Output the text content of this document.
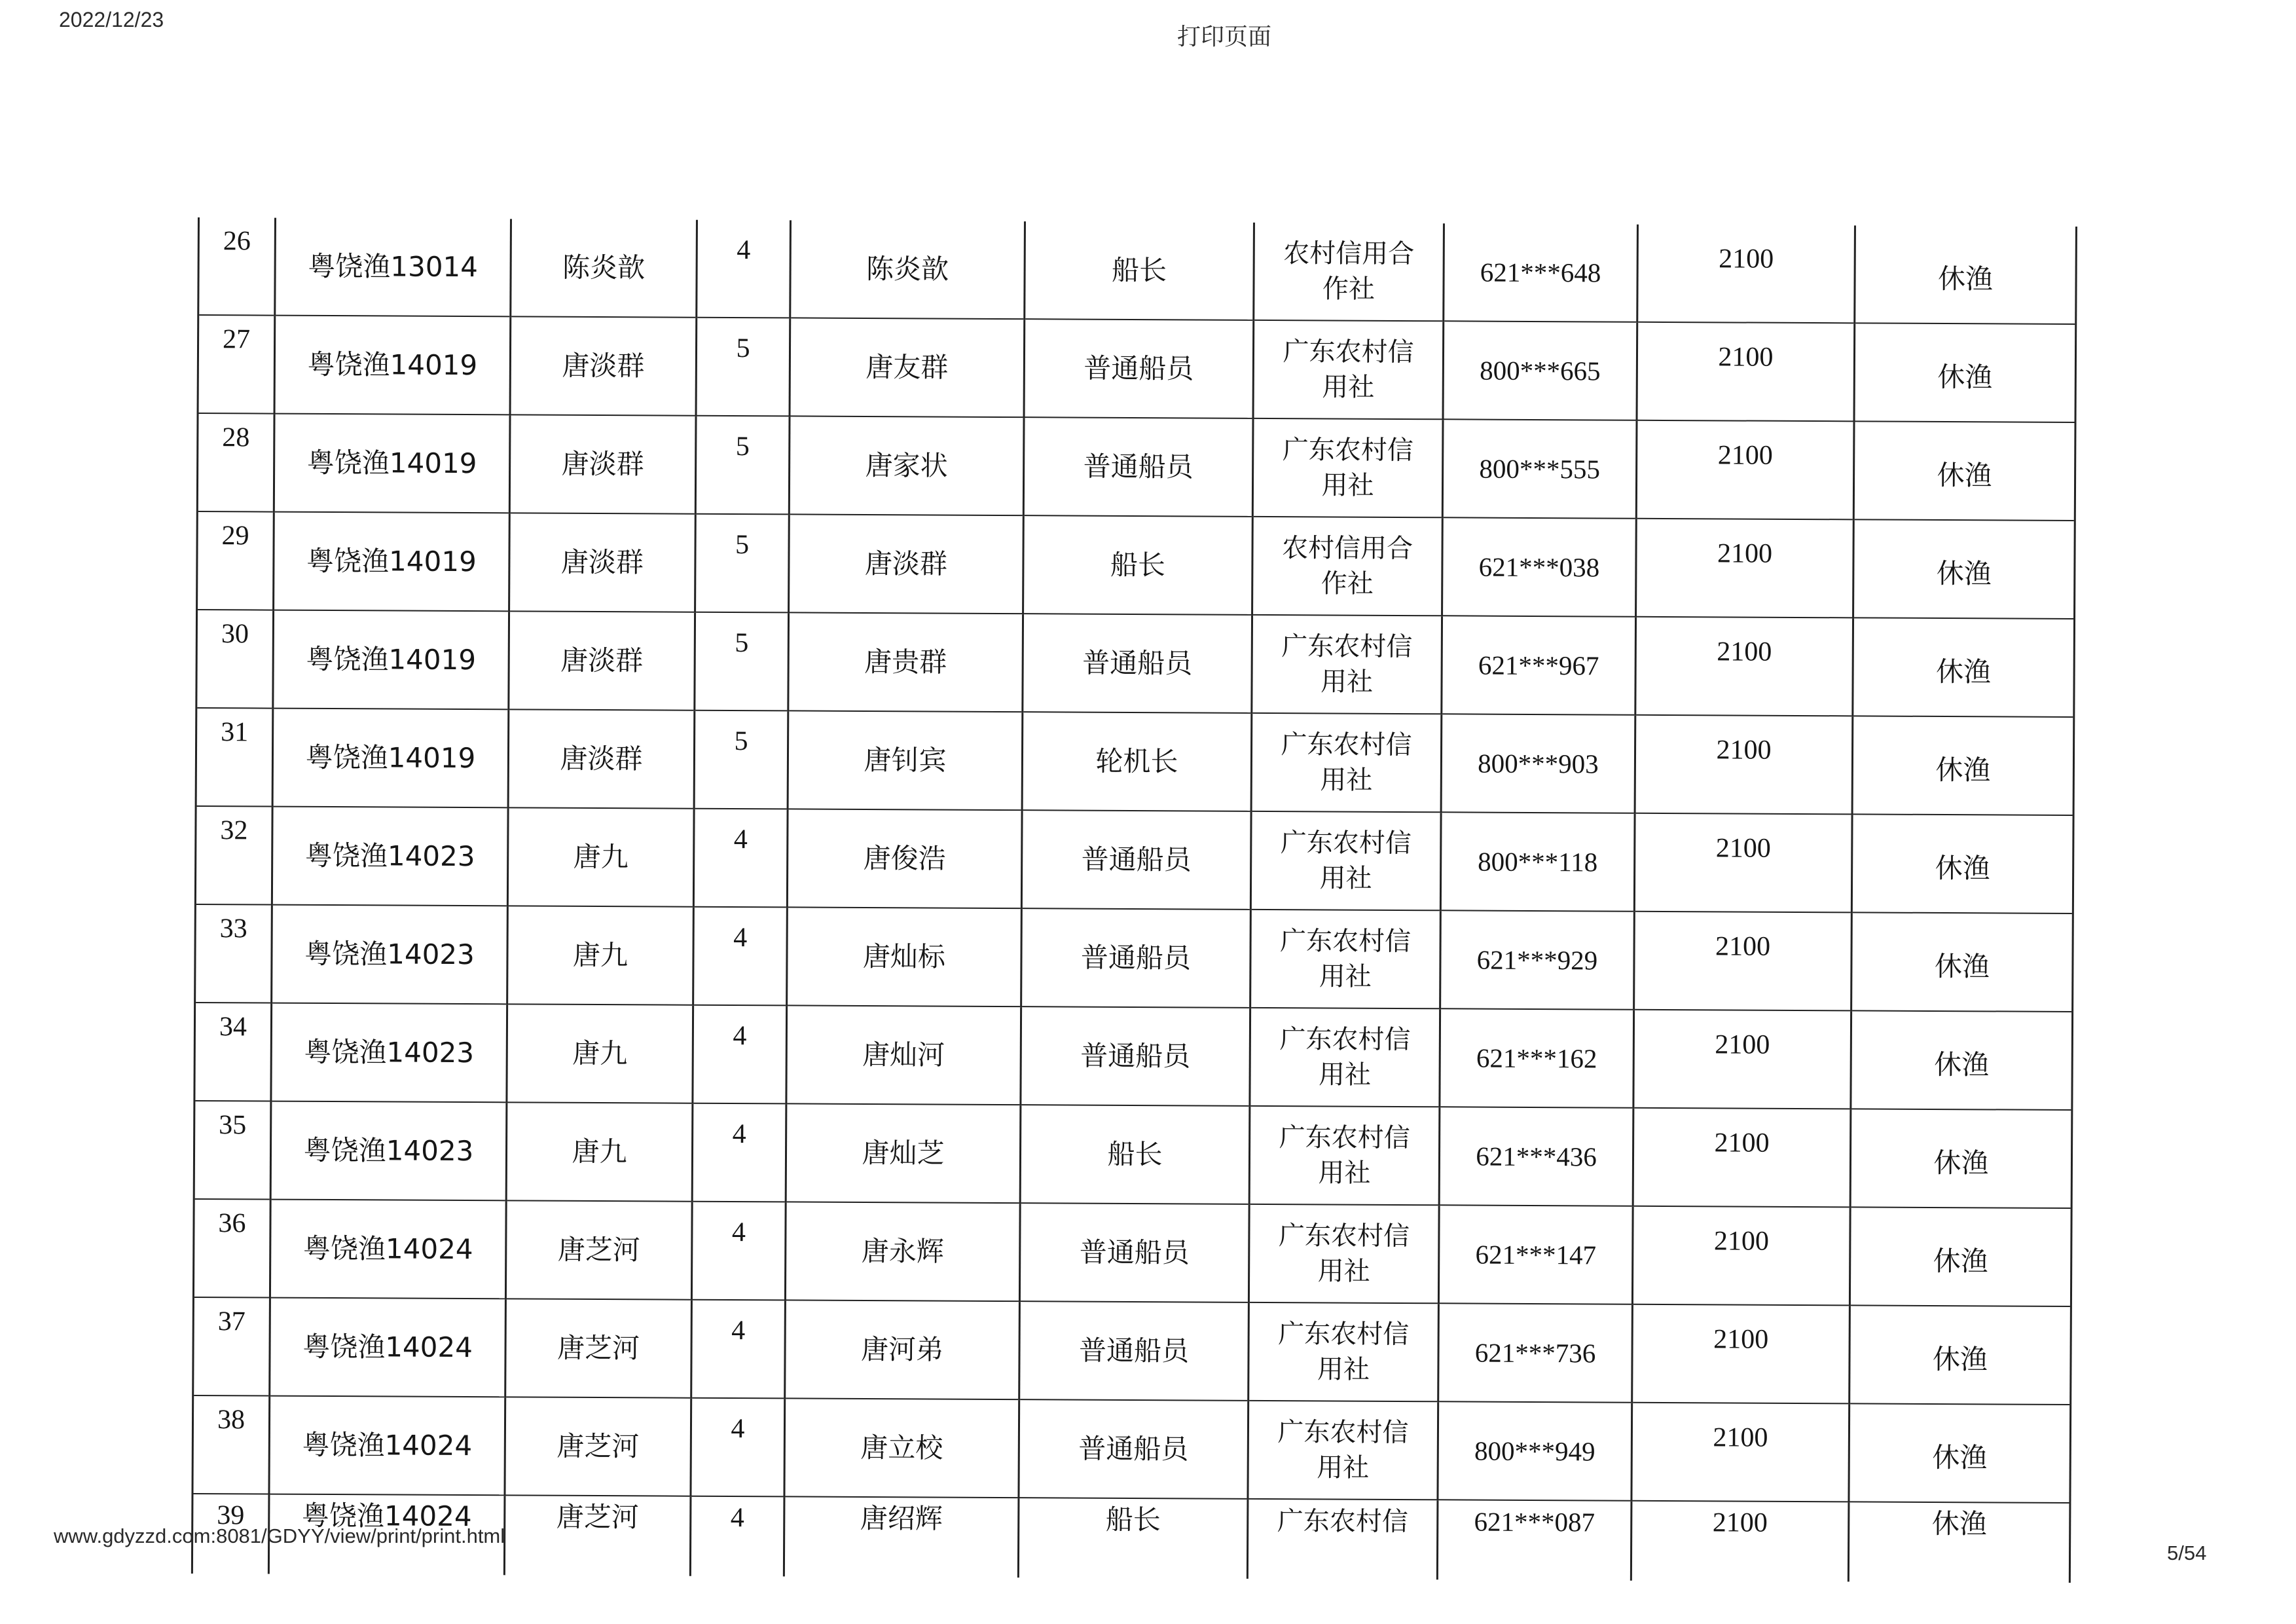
2022/12/23
打印页面
26	粤饶渔13014	陈炎歆	4	陈炎歆	船长	农村信用合作社	621***648	2100	休渔
27	粤饶渔14019	唐淡群	5	唐友群	普通船员	广东农村信用社	800***665	2100	休渔
28	粤饶渔14019	唐淡群	5	唐家状	普通船员	广东农村信用社	800***555	2100	休渔
29	粤饶渔14019	唐淡群	5	唐淡群	船长	农村信用合作社	621***038	2100	休渔
30	粤饶渔14019	唐淡群	5	唐贵群	普通船员	广东农村信用社	621***967	2100	休渔
31	粤饶渔14019	唐淡群	5	唐钊宾	轮机长	广东农村信用社	800***903	2100	休渔
32	粤饶渔14023	唐九	4	唐俊浩	普通船员	广东农村信用社	800***118	2100	休渔
33	粤饶渔14023	唐九	4	唐灿标	普通船员	广东农村信用社	621***929	2100	休渔
34	粤饶渔14023	唐九	4	唐灿河	普通船员	广东农村信用社	621***162	2100	休渔
35	粤饶渔14023	唐九	4	唐灿芝	船长	广东农村信用社	621***436	2100	休渔
36	粤饶渔14024	唐芝河	4	唐永辉	普通船员	广东农村信用社	621***147	2100	休渔
37	粤饶渔14024	唐芝河	4	唐河弟	普通船员	广东农村信用社	621***736	2100	休渔
38	粤饶渔14024	唐芝河	4	唐立校	普通船员	广东农村信用社	800***949	2100	休渔
39	粤饶渔14024	唐芝河	4	唐绍辉	船长	广东农村信	621***087	2100	休渔
www.gdyzzd.com:8081/GDYY/view/print/print.html
5/54
